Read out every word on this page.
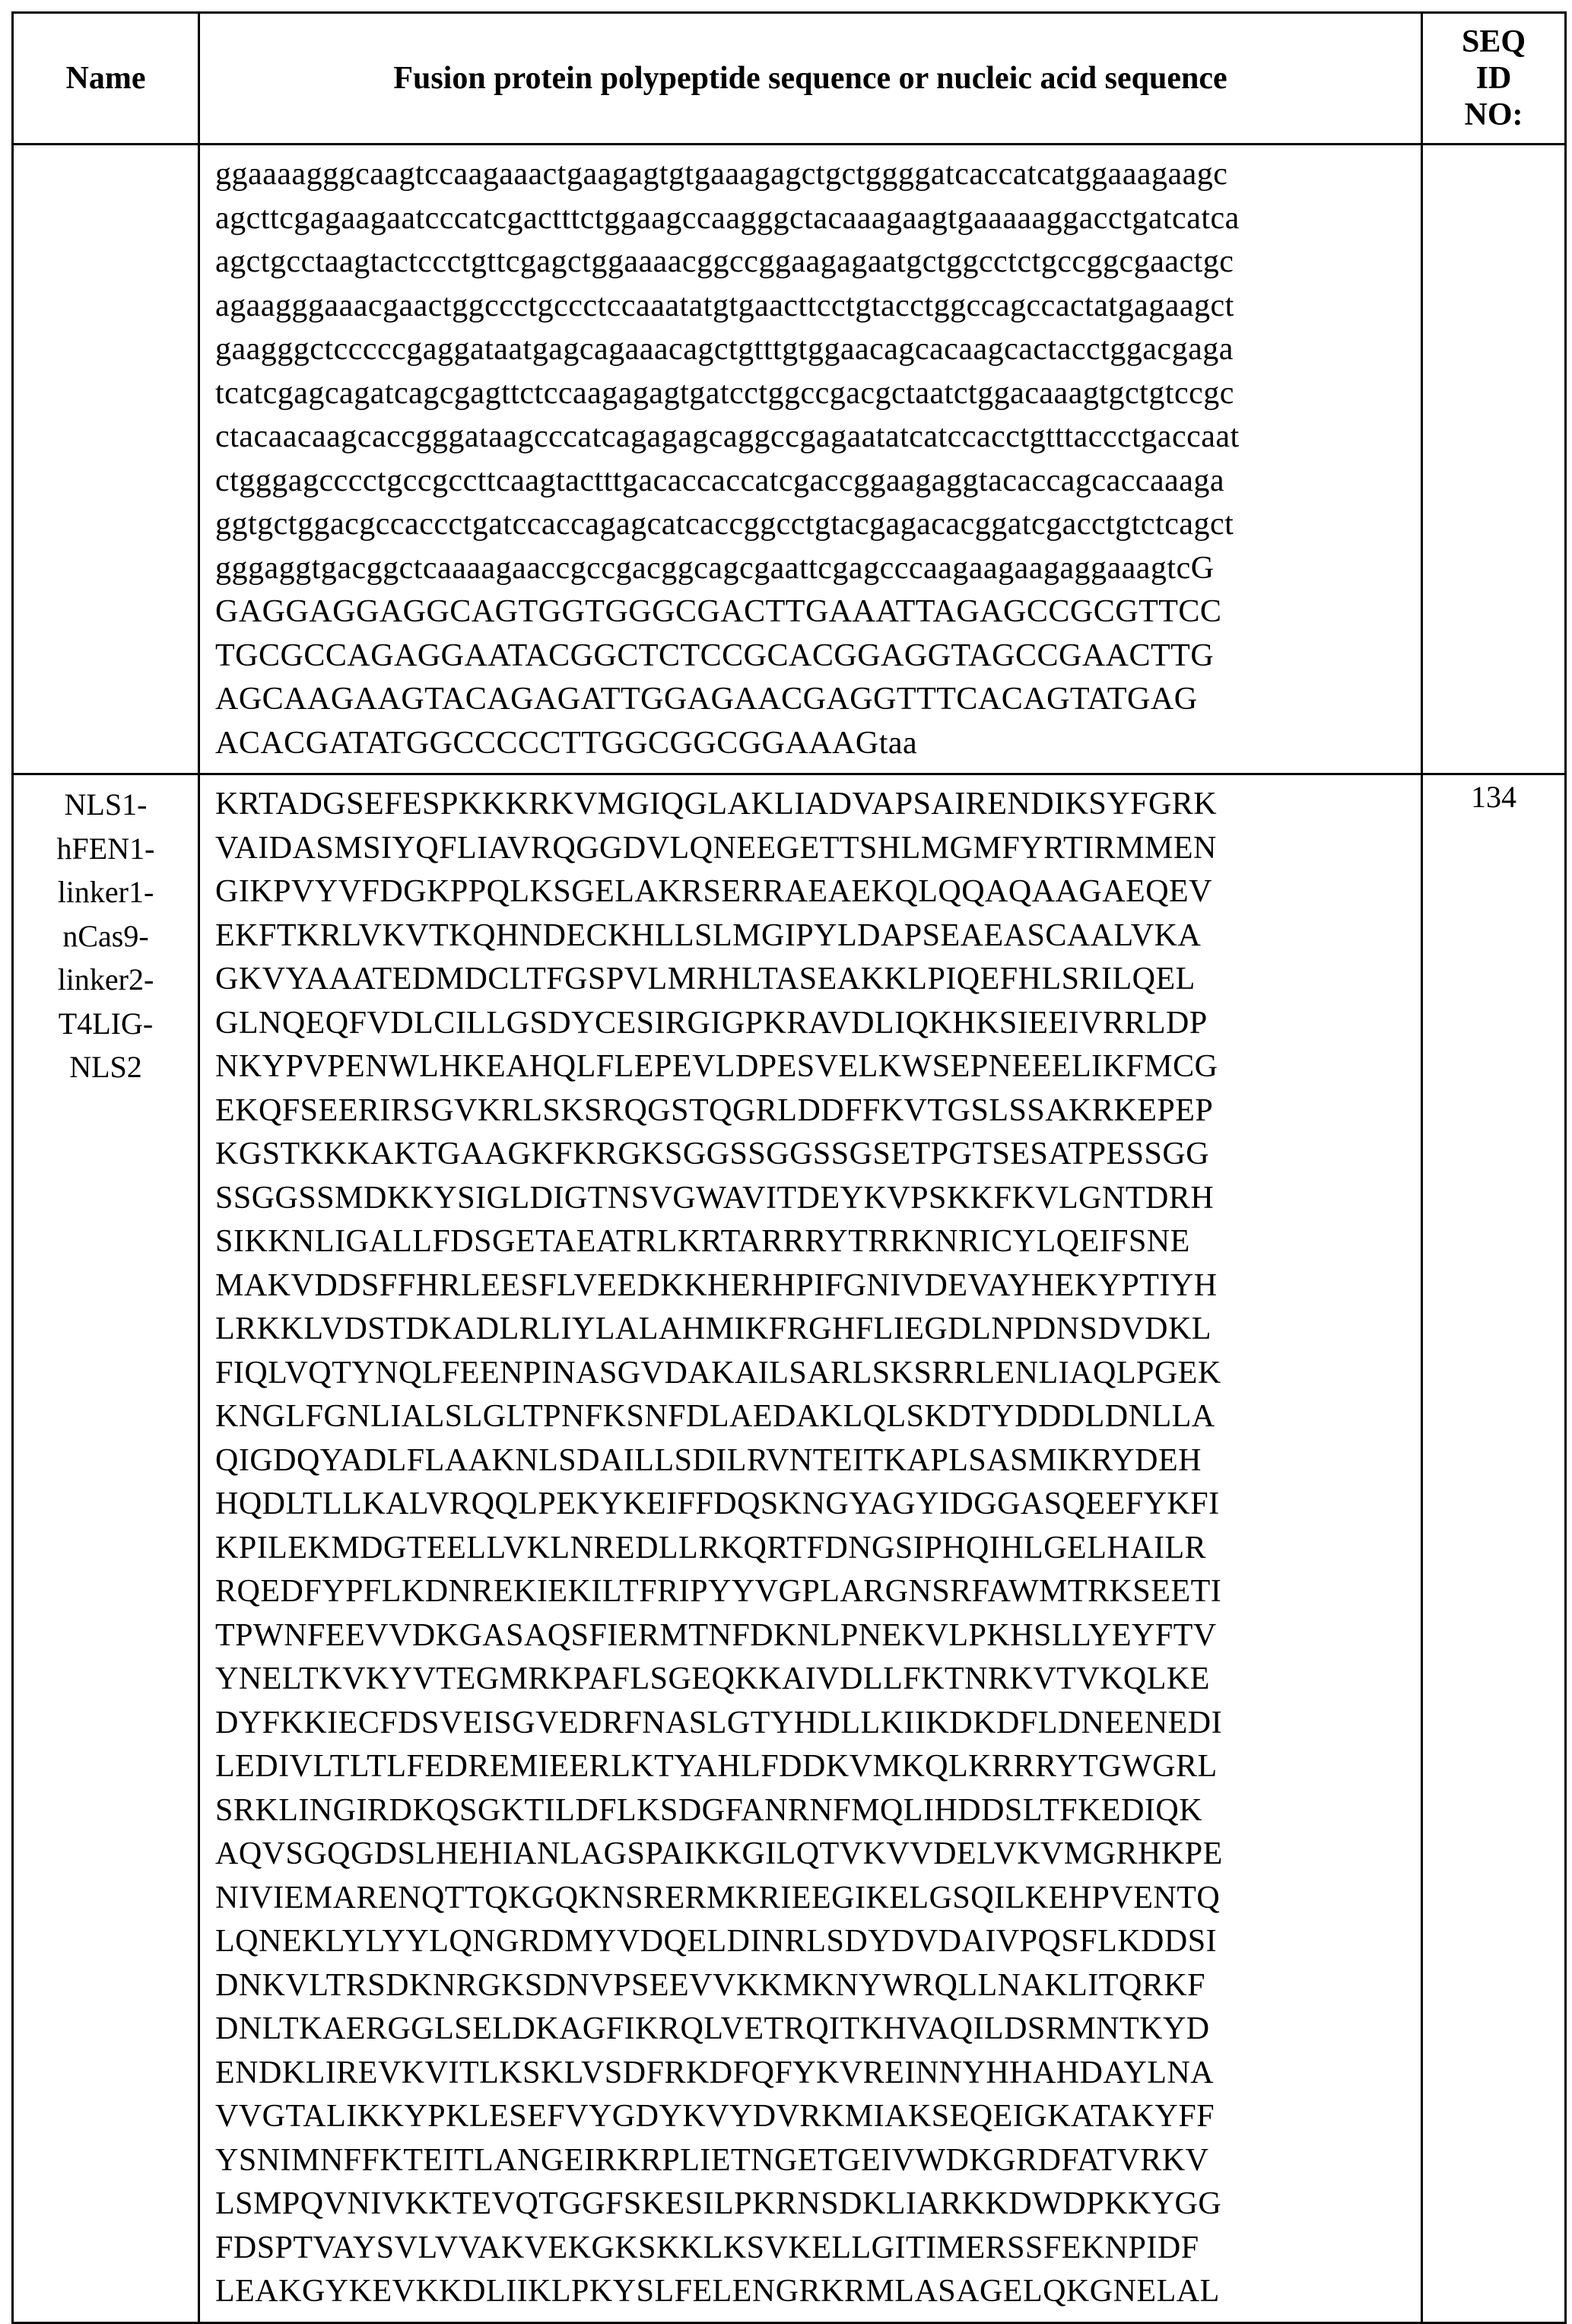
Name	Fusion protein polypeptide sequence or nucleic acid sequence	
SEQ
ID
NO:

ggaaaagggcaagtccaagaaactgaagagtgtgaaagagctgctggggatcaccatcatggaaagaagc
agcttcgagaagaatcccatcgactttctggaagccaagggctacaaagaagtgaaaaaggacctgatcatca
agctgcctaagtactccctgttcgagctggaaaacggccggaagagaatgctggcctctgccggcgaactgc
agaagggaaacgaactggccctgccctccaaatatgtgaacttcctgtacctggccagccactatgagaagct
gaagggctcccccgaggataatgagcagaaacagctgtttgtggaacagcacaagcactacctggacgaga
tcatcgagcagatcagcgagttctccaagagagtgatcctggccgacgctaatctggacaaagtgctgtccgc
ctacaacaagcaccgggataagcccatcagagagcaggccgagaatatcatccacctgtttaccctgaccaat
ctgggagcccctgccgccttcaagtactttgacaccaccatcgaccggaagaggtacaccagcaccaaaga
ggtgctggacgccaccctgatccaccagagcatcaccggcctgtacgagacacggatcgacctgtctcagct
gggaggtgacggctcaaaagaaccgccgacggcagcgaattcgagcccaagaagaagaggaaagtcG
GAGGAGGAGGCAGTGGTGGGCGACTTGAAATTAGAGCCGCGTTCC
TGCGCCAGAGGAATACGGCTCTCCGCACGGAGGTAGCCGAACTTG
AGCAAGAAGTACAGAGATTGGAGAACGAGGTTTCACAGTATGAG
ACACGATATGGCCCCCTTGGCGGCGGAAAGtaa

NLS1-
hFEN1-
linker1-
nCas9-
linker2-
T4LIG-
NLS2

KRTADGSEFESPKKKRKVMGIQGLAKLIADVAPSAIRENDIKSYFGRK
VAIDASMSIYQFLIAVRQGGDVLQNEEGETTSHLMGMFYRTIRMMEN
GIKPVYVFDGKPPQLKSGELAKRSERRAEAEKQLQQAQAAGAEQEV
EKFTKRLVKVTKQHNDECKHLLSLMGIPYLDAPSEAEASCAALVKA
GKVYAAATEDMDCLTFGSPVLMRHLTASEAKKLPIQEFHLSRILQEL
GLNQEQFVDLCILLGSDYCESIRGIGPKRAVDLIQKHKSIEEIVRRLDP
NKYPVPENWLHKEAHQLFLEPEVLDPESVELKWSEPNEEELIKFMCG
EKQFSEERIRSGVKRLSKSRQGSTQGRLDDFFKVTGSLSSAKRKEPEP
KGSTKKKAKTGAAGKFKRGKSGGSSGGSSGSETPGTSESATPESSGG
SSGGSSMDKKYSIGLDIGTNSVGWAVITDEYKVPSKKFKVLGNTDRH
SIKKNLIGALLFDSGETAEATRLKRTARRRYTRRKNRICYLQEIFSNE
MAKVDDSFFHRLEESFLVEEDKKHERHPIFGNIVDEVAYHEKYPTIYH
LRKKLVDSTDKADLRLIYLALAHMIKFRGHFLIEGDLNPDNSDVDKL
FIQLVQTYNQLFEENPINASGVDAKAILSARLSKSRRLENLIAQLPGEK
KNGLFGNLIALSLGLTPNFKSNFDLAEDAKLQLSKDTYDDDLDNLLA
QIGDQYADLFLAAKNLSDAILLSDILRVNTEITKAPLSASMIKRYDEH
HQDLTLLKALVRQQLPEKYKEIFFDQSKNGYAGYIDGGASQEEFYKFI
KPILEKMDGTEELLVKLNREDLLRKQRTFDNGSIPHQIHLGELHAILR
RQEDFYPFLKDNREKIEKILTFRIPYYVGPLARGNSRFAWMTRKSEETI
TPWNFEEVVDKGASAQSFIERMTNFDKNLPNEKVLPKHSLLYEYFTV
YNELTKVKYVTEGMRKPAFLSGEQKKAIVDLLFKTNRKVTVKQLKE
DYFKKIECFDSVEISGVEDRFNASLGTYHDLLKIIKDKDFLDNEENEDI
LEDIVLTLTLFEDREMIEERLKTYAHLFDDKVMKQLKRRRYTGWGRL
SRKLINGIRDKQSGKTILDFLKSDGFANRNFMQLIHDDSLTFKEDIQK
AQVSGQGDSLHEHIANLAGSPAIKKGILQTVKVVDELVKVMGRHKPE
NIVIEMARENQTTQKGQKNSRERMKRIEEGIKELGSQILKEHPVENTQ
LQNEKLYLYYLQNGRDMYVDQELDINRLSDYDVDAIVPQSFLKDDSI
DNKVLTRSDKNRGKSDNVPSEEVVKKMKNYWRQLLNAKLITQRKF
DNLTKAERGGLSELDKAGFIKRQLVETRQITKHVAQILDSRMNTKYD
ENDKLIREVKVITLKSKLVSDFRKDFQFYKVREINNYHHAHDAYLNA
VVGTALIKKYPKLESEFVYGDYKVYDVRKMIAKSEQEIGKATAKYFF
YSNIMNFFKTEITLANGEIRKRPLIETNGETGEIVWDKGRDFATVRKV
LSMPQVNIVKKTEVQTGGFSKESILPKRNSDKLIARKKDWDPKKYGG
FDSPTVAYSVLVVAKVEKGKSKKLKSVKELLGITIMERSSFEKNPIDF
LEAKGYKEVKKDLIIKLPKYSLFELENGRKRMLASAGELQKGNELAL
	134
